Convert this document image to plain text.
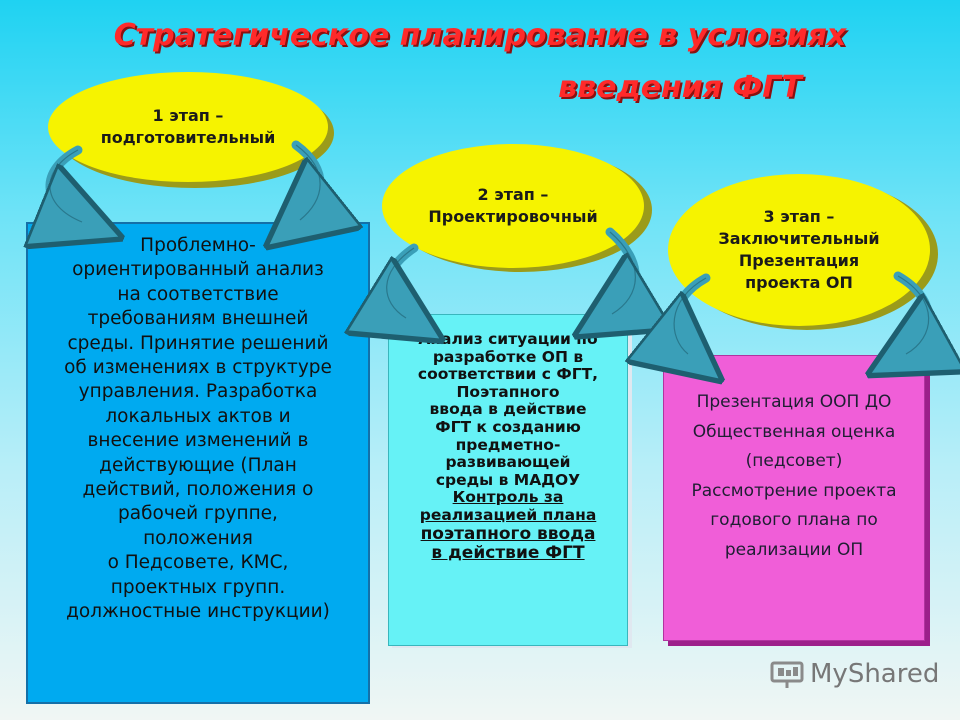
Стратегическое планирование в условиях
введения ФГТ
1 этап –
подготовительный
2 этап –
Проектировочный	3 этап –
Заключительный
Презентация
проекта ОП
Проблемно-
ориентированный анализ
на соответствие
требованиям внешней
среды. Принятие решений
об изменениях в структуре
управления. Разработка
локальных актов и
внесение изменений в
действующие (План
действий, положения о
рабочей группе,
положения
о Педсовете, КМС,
проектных групп.
должностные инструкции)
Анализ ситуации по
разработке ОП в
соответствии с ФГТ,
Поэтапного
ввода в действие
ФГТ к созданию
предметно-
развивающей
среды в МАДОУ
Контроль за
реализацией плана
поэтапного ввода
в действие ФГТ
Презентация ООП ДО
Общественная оценка
(педсовет)
Рассмотрение проекта
годового плана по
реализации ОП
MyShared
